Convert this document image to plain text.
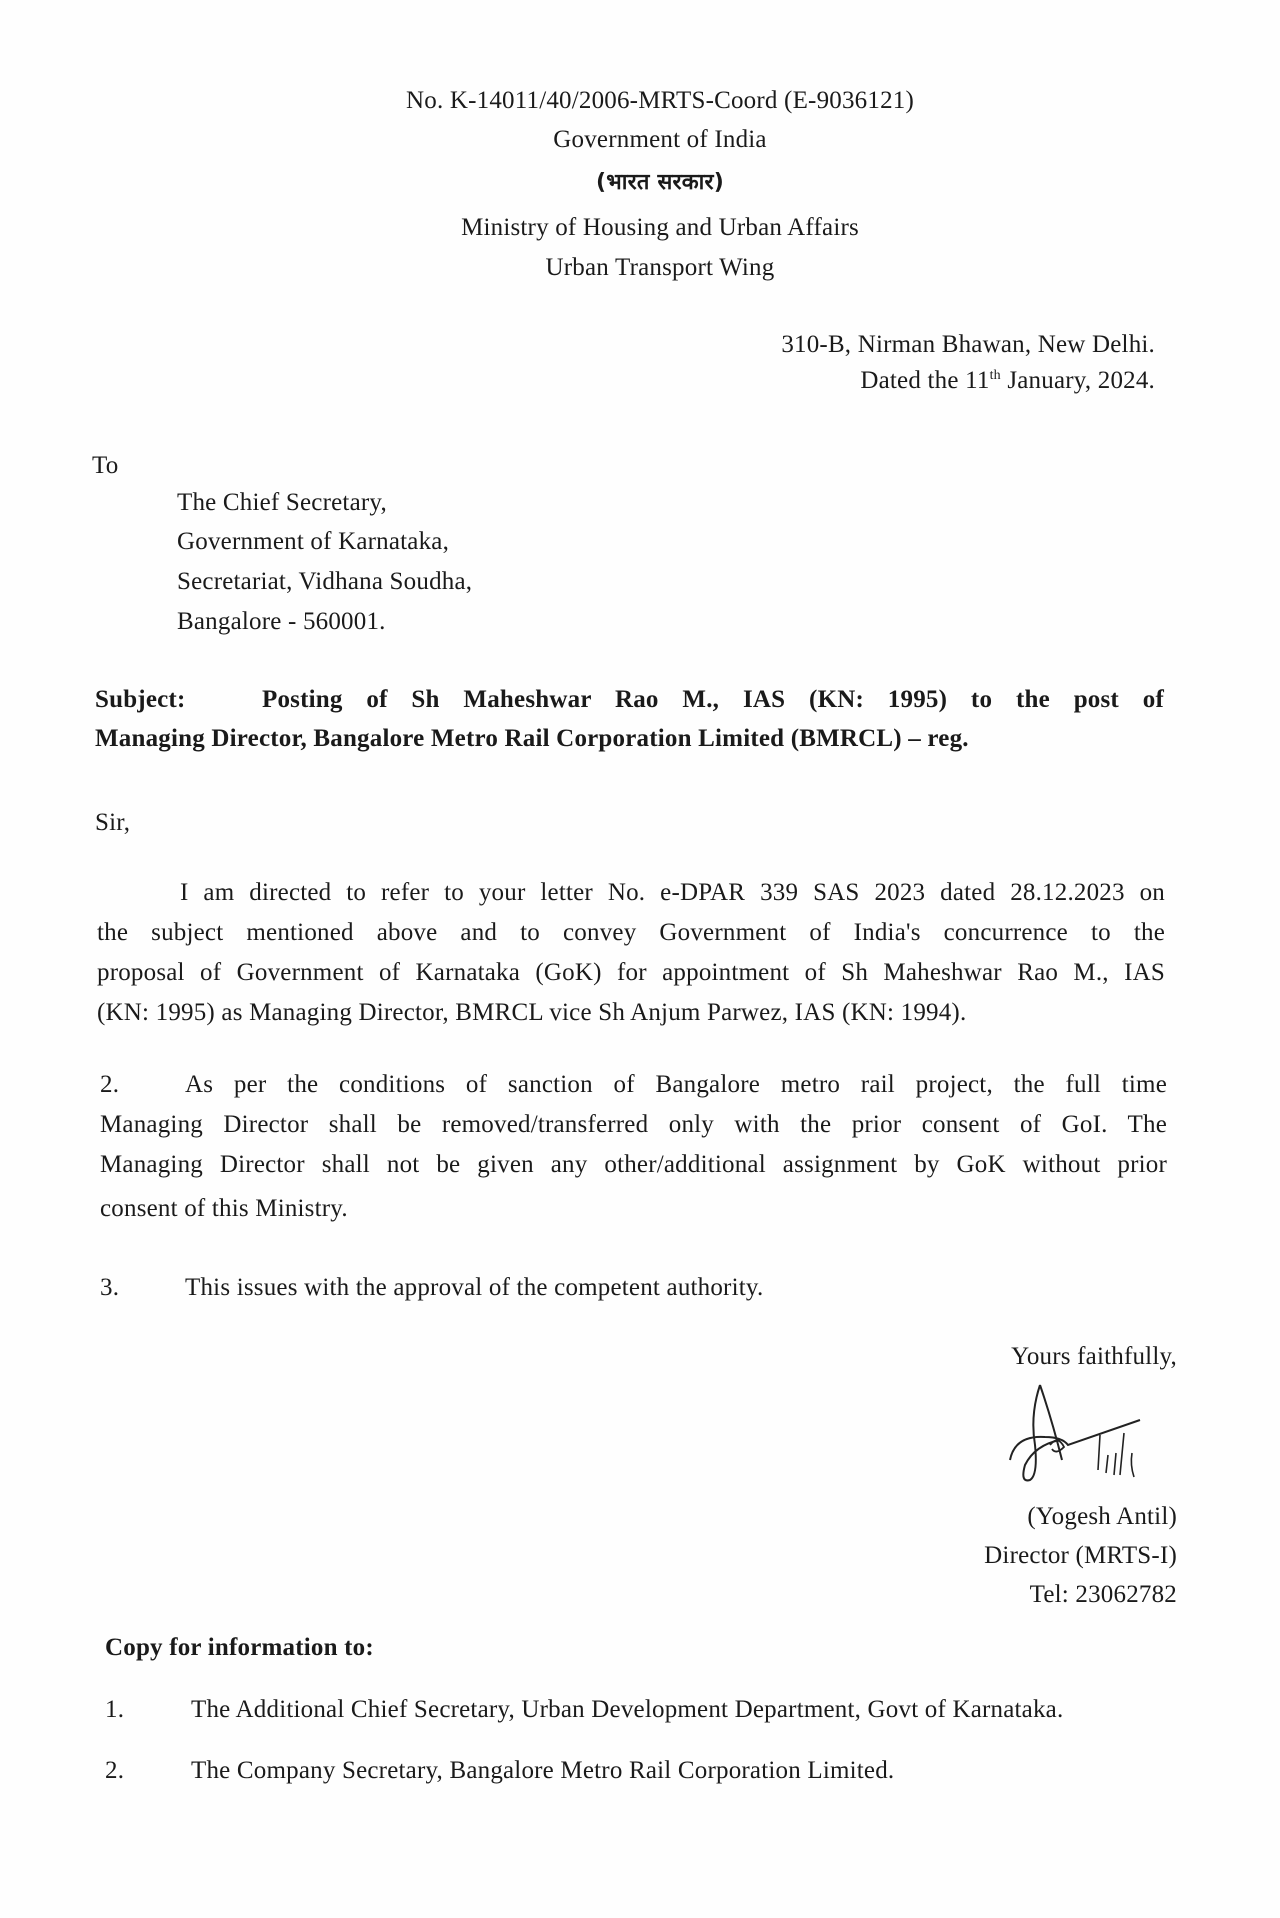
No. K-14011/40/2006-MRTS-Coord (E-9036121)
Government of India
(भारत सरकार)
Ministry of Housing and Urban Affairs
Urban Transport Wing
310-B, Nirman Bhawan, New Delhi.
Dated the 11th January, 2024.
To
The Chief Secretary,
Government of Karnataka,
Secretariat, Vidhana Soudha,
Bangalore - 560001.
Subject:	Posting of Sh Maheshwar Rao M., IAS (KN: 1995) to the post of
Managing Director, Bangalore Metro Rail Corporation Limited (BMRCL) – reg.
Sir,
I am directed to refer to your letter No. e-DPAR 339 SAS 2023 dated 28.12.2023 on
the subject mentioned above and to convey Government of India's concurrence to the
proposal of Government of Karnataka (GoK) for appointment of Sh Maheshwar Rao M., IAS
(KN: 1995) as Managing Director, BMRCL vice Sh Anjum Parwez, IAS (KN: 1994).
2.	As per the conditions of sanction of Bangalore metro rail project, the full time
Managing Director shall be removed/transferred only with the prior consent of GoI. The
Managing Director shall not be given any other/additional assignment by GoK without prior
consent of this Ministry.
3.	This issues with the approval of the competent authority.
Yours faithfully,
(Yogesh Antil)
Director (MRTS-I)
Tel: 23062782
Copy for information to:
1.	The Additional Chief Secretary, Urban Development Department, Govt of Karnataka.
2.	The Company Secretary, Bangalore Metro Rail Corporation Limited.
